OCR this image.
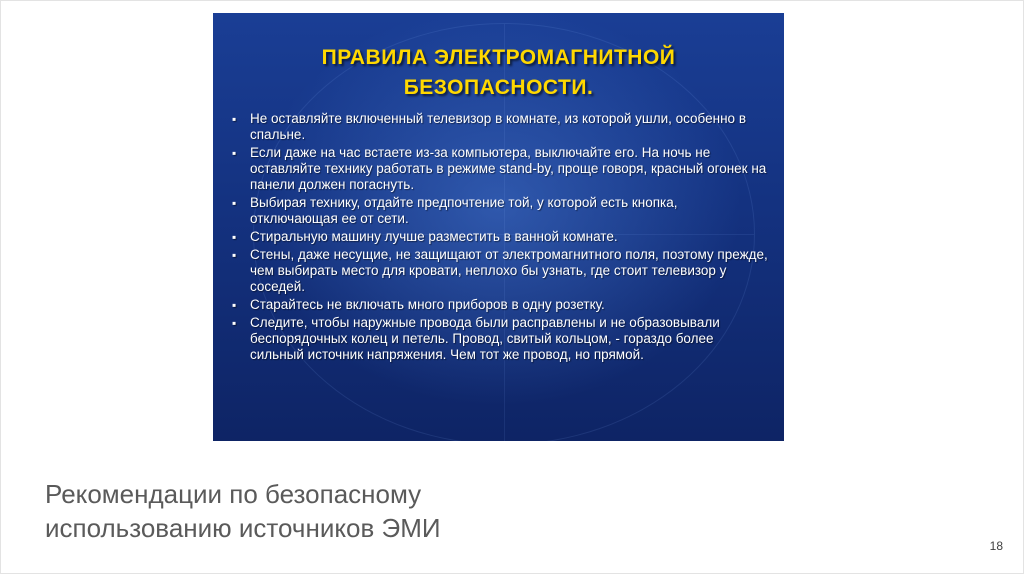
ПРАВИЛА ЭЛЕКТРОМАГНИТНОЙ
БЕЗОПАСНОСТИ.
▪ Не оставляйте включенный телевизор в комнате, из которой ушли, особенно в спальне.
▪ Если даже на час встаете из-за компьютера, выключайте его. На ночь не оставляйте технику работать в режиме stand-by, проще говоря, красный огонек на панели должен погаснуть.
▪ Выбирая технику, отдайте предпочтение той, у которой есть кнопка, отключающая ее от сети.
▪ Стиральную машину лучше разместить в ванной комнате.
▪ Стены, даже несущие, не защищают от электромагнитного поля, поэтому прежде, чем выбирать место для кровати, неплохо бы узнать, где стоит телевизор у соседей.
▪ Старайтесь не включать много приборов в одну розетку.
▪ Следите, чтобы наружные провода были расправлены и не образовывали беспорядочных колец и петель. Провод, свитый кольцом, - гораздо более сильный источник напряжения. Чем тот же провод, но прямой.
Рекомендации по безопасному
использованию источников ЭМИ
18
